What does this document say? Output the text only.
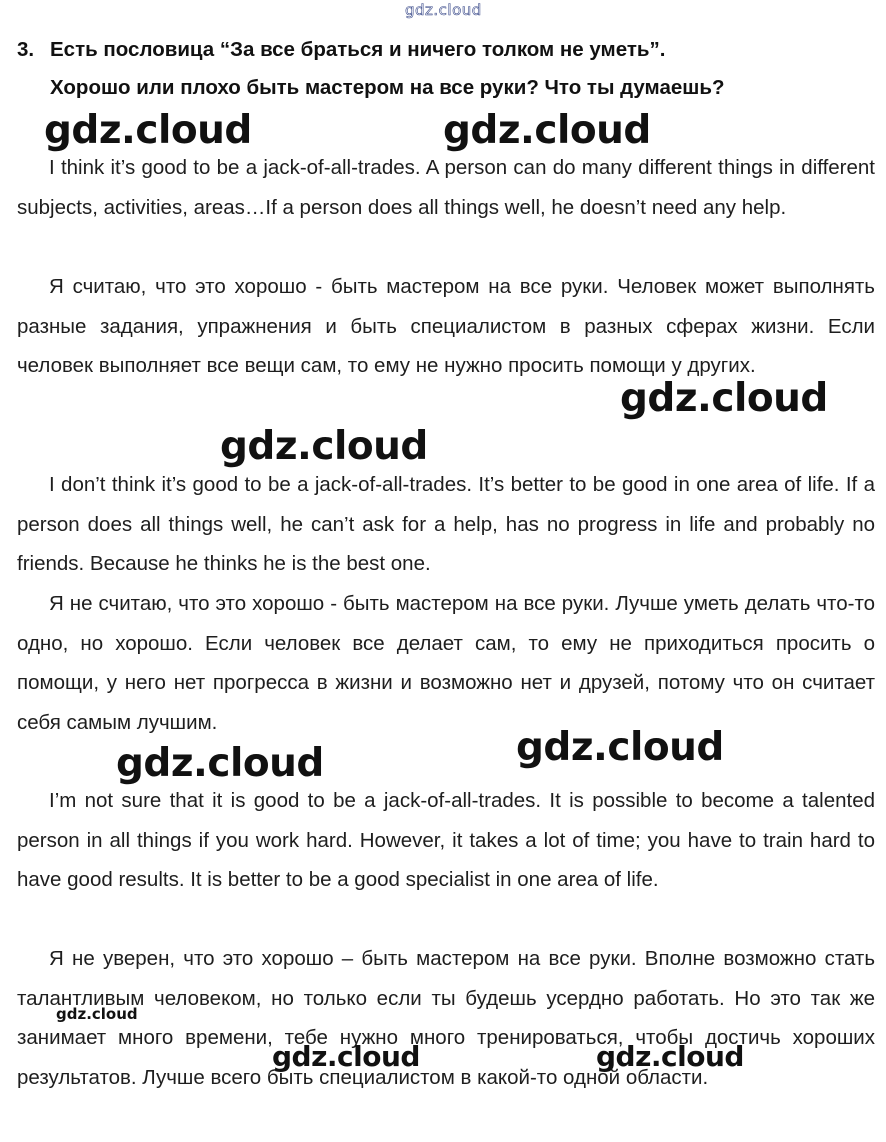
gdz.cloud
3. Есть пословица “За все браться и ничего толком не уметь”.
Хорошо или плохо быть мастером на все руки? Что ты думаешь?

I think it’s good to be a jack-of-all-trades. A person can do many different things in different subjects, activities, areas…If a person does all things well, he doesn’t need any help.

Я считаю, что это хорошо - быть мастером на все руки. Человек может выполнять разные задания, упражнения и быть специалистом в разных сферах жизни. Если человек выполняет все вещи сам, то ему не нужно просить помощи у других.

I don’t think it’s good to be a jack-of-all-trades. It’s better to be good in one area of life. If a person does all things well, he can’t ask for a help, has no progress in life and probably no friends. Because he thinks he is the best one.

Я не считаю, что это хорошо - быть мастером на все руки. Лучше уметь делать что-то одно, но хорошо. Если человек все делает сам, то ему не приходиться просить о помощи, у него нет прогресса в жизни и возможно нет и друзей, потому что он считает себя самым лучшим.

I’m not sure that it is good to be a jack-of-all-trades. It is possible to become a talented person in all things if you work hard. However, it takes a lot of time; you have to train hard to have good results. It is better to be a good specialist in one area of life.

Я не уверен, что это хорошо – быть мастером на все руки. Вполне возможно стать талантливым человеком, но только если ты будешь усердно работать. Но это так же занимает много времени, тебе нужно много тренироваться, чтобы достичь хороших результатов. Лучше всего быть специалистом в какой-то одной области.

gdz.cloud	gdz.cloud
gdz.cloud
gdz.cloud
gdz.cloud
gdz.cloud
gdz.cloud
gdz.cloud	gdz.cloud
